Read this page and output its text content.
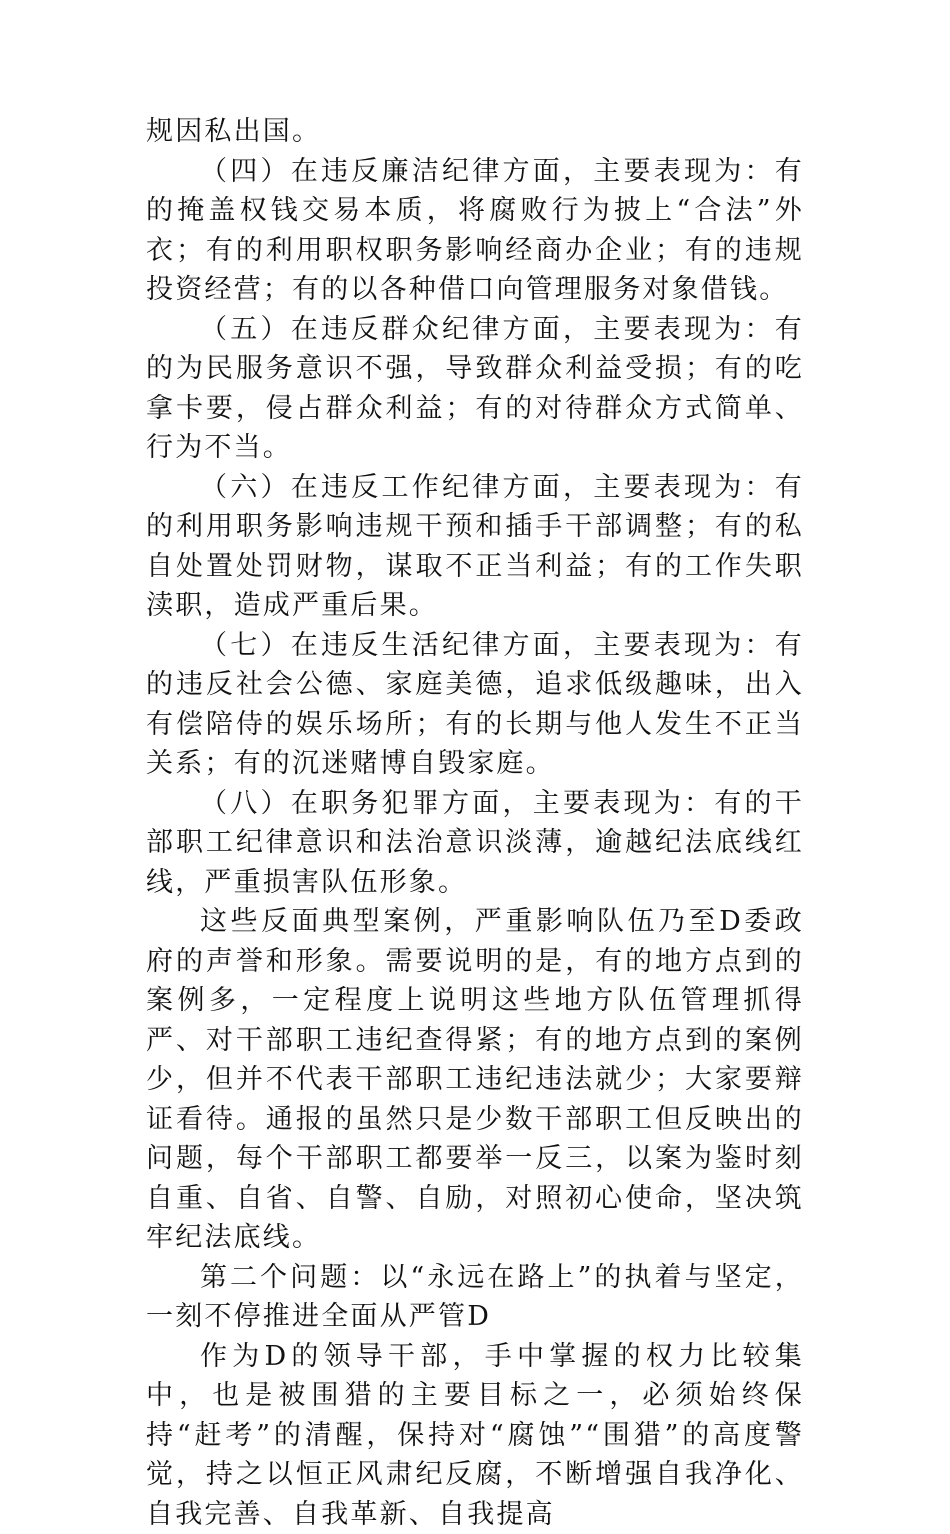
规因私出国。

（四）在违反廉洁纪律方面，主要表现为：有的掩盖权钱交易本质，将腐败行为披上“合法”外衣；有的利用职权职务影响经商办企业；有的违规投资经营；有的以各种借口向管理服务对象借钱。

（五）在违反群众纪律方面，主要表现为：有的为民服务意识不强，导致群众利益受损；有的吃拿卡要，侵占群众利益；有的对待群众方式简单、行为不当。

（六）在违反工作纪律方面，主要表现为：有的利用职务影响违规干预和插手干部调整；有的私自处置处罚财物，谋取不正当利益；有的工作失职渎职，造成严重后果。

（七）在违反生活纪律方面，主要表现为：有的违反社会公德、家庭美德，追求低级趣味，出入有偿陪侍的娱乐场所；有的长期与他人发生不正当关系；有的沉迷赌博自毁家庭。

（八）在职务犯罪方面，主要表现为：有的干部职工纪律意识和法治意识淡薄，逾越纪法底线红线，严重损害队伍形象。

这些反面典型案例，严重影响队伍乃至D委政府的声誉和形象。需要说明的是，有的地方点到的案例多，一定程度上说明这些地方队伍管理抓得严、对干部职工违纪查得紧；有的地方点到的案例少，但并不代表干部职工违纪违法就少；大家要辩证看待。通报的虽然只是少数干部职工但反映出的问题，每个干部职工都要举一反三，以案为鉴时刻自重、自省、自警、自励，对照初心使命，坚决筑牢纪法底线。

第二个问题：以“永远在路上”的执着与坚定，一刻不停推进全面从严管D

作为D的领导干部，手中掌握的权力比较集中，也是被围猎的主要目标之一，必须始终保持“赶考”的清醒，保持对“腐蚀”“围猎”的高度警觉，持之以恒正风肃纪反腐，不断增强自我净化、自我完善、自我革新、自我提高
